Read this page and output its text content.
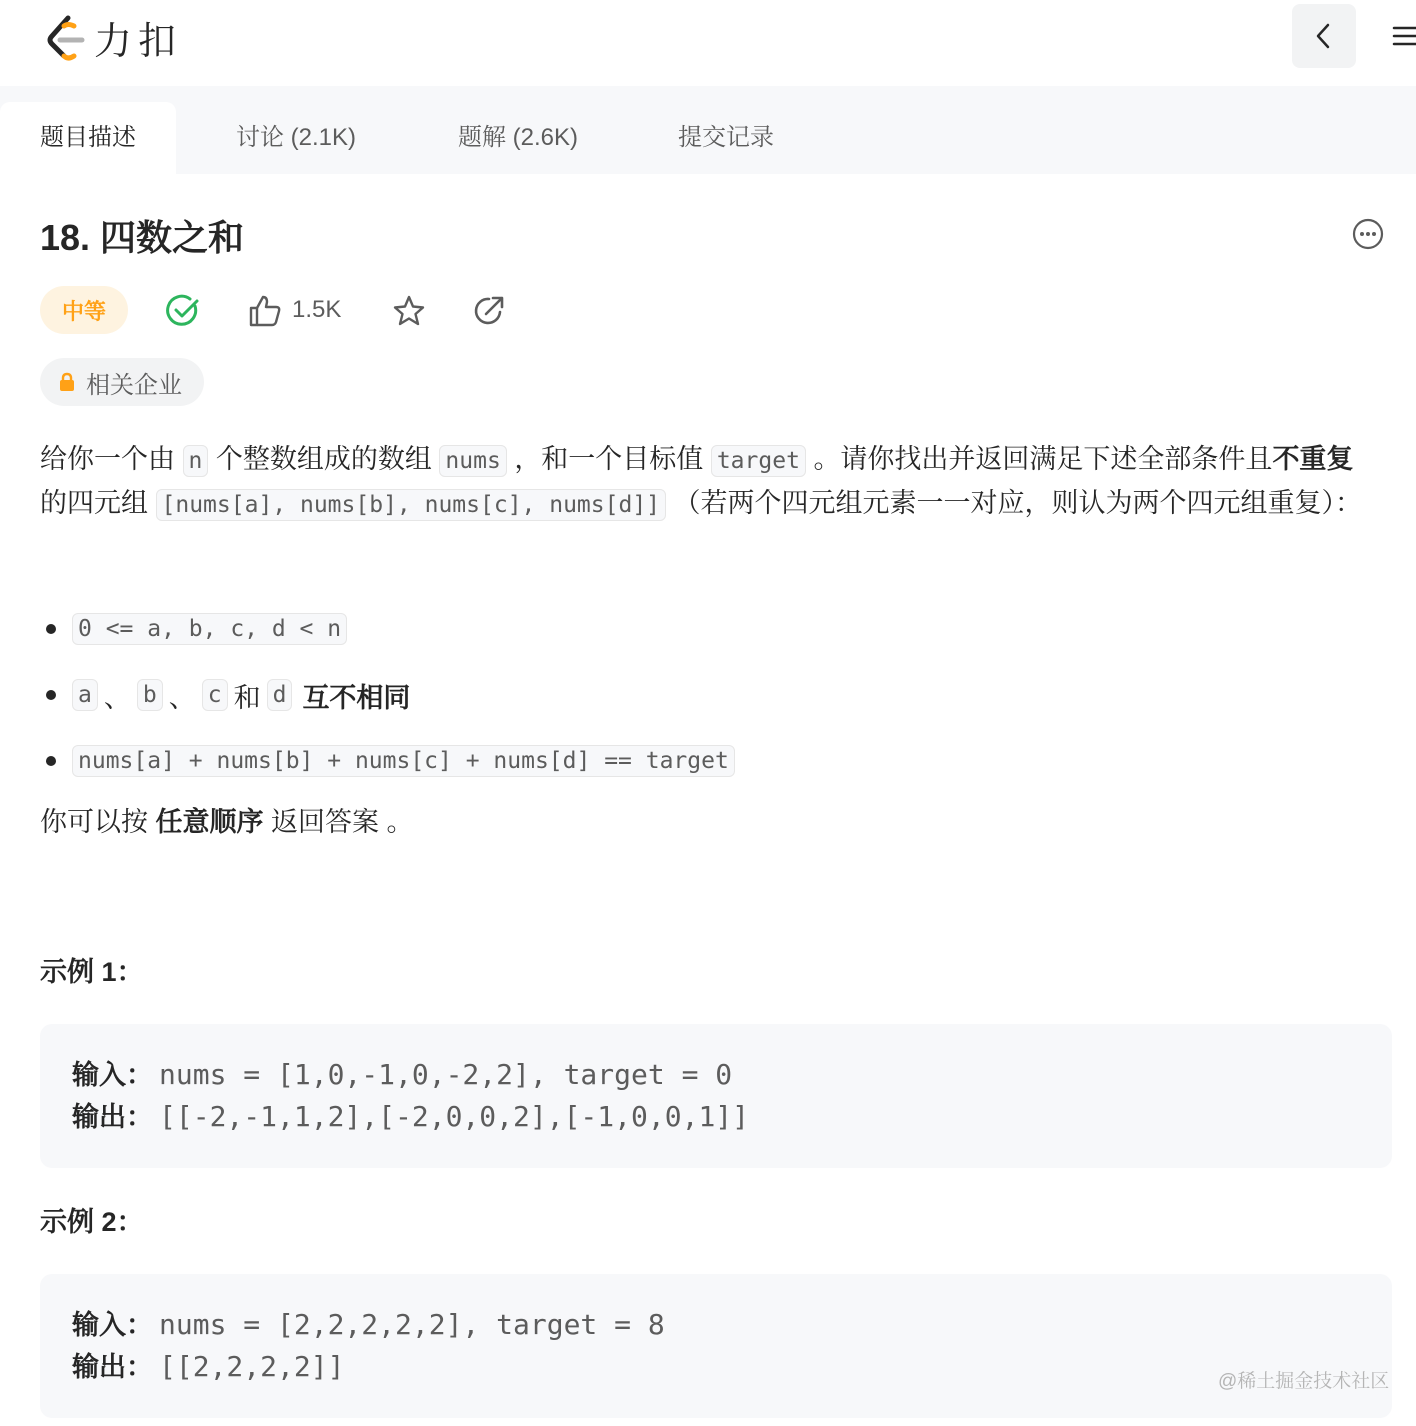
力扣
题目描述	讨论 (2.1K)	题解 (2.6K)	提交记录
18. 四数之和
中等	1.5K
相关企业
给你一个由 n 个整数组成的数组 nums ，和一个目标值 target 。请你找出并返回满足下述全部条件且不重复的四元组 [nums[a], nums[b], nums[c], nums[d]] （若两个四元组元素一一对应，则认为两个四元组重复）：
0 <= a, b, c, d < n
a 、 b 、 c 和 d 互不相同
nums[a] + nums[b] + nums[c] + nums[d] == target
你可以按 任意顺序 返回答案 。
示例 1：
输入： nums = [1,0,-1,0,-2,2], target = 0
输出： [[-2,-1,1,2],[-2,0,0,2],[-1,0,0,1]]
示例 2：
输入： nums = [2,2,2,2,2], target = 8
输出： [[2,2,2,2]]	@稀土掘金技术社区
